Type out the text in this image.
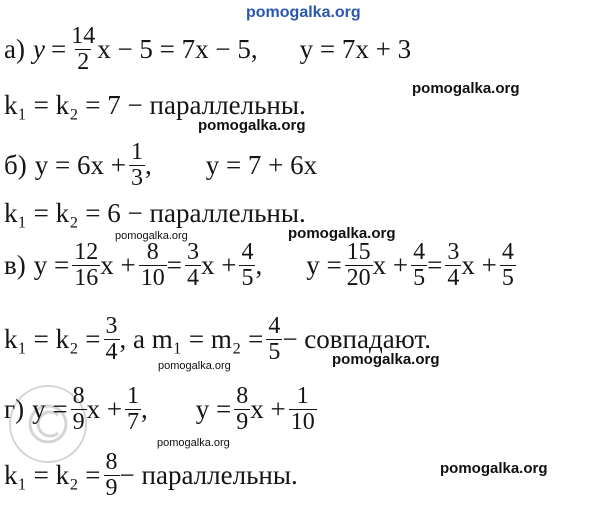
pomogalka.org
а) $y = \frac{14}{2}$ x − 5 = 7x − 5, y = 7x + 3
pomogalka.org
k₁ = k₂ = 7 − параллельны.
pomogalka.org
б) $y = 6x + \frac{1}{3}$ , y = 7 + 6x
k₁ = k₂ = 6 − параллельны.
pomogalka.org	pomogalka.org
в) $y = \frac{12}{16}$ $x + \frac{8}{10} = \frac{3}{4}$ $x + \frac{4}{5}$ , $y = \frac{15}{20}$ $x + \frac{4}{5} = \frac{3}{4}$ $x + \frac{4}{5}$
$k_1 = k_2 = \frac{3}{4}$ , а $m_1 = m_2 = \frac{4}{5}$ − совпадают.
pomogalka.org
pomogalka.org
г) $y = \frac{8}{9}$ $x + \frac{1}{7}$ , $y = \frac{8}{9}$ $x + \frac{1}{10}$
pomogalka.org
pomogalka.org
$k_1 = k_2 = \frac{8}{9}$ − параллельны.
